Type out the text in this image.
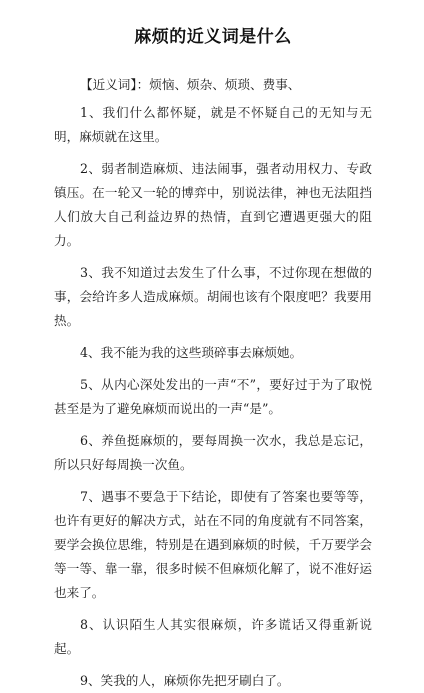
麻烦的近义词是什么

【近义词】：烦恼、烦杂、烦琐、费事、

1、我们什么都怀疑，就是不怀疑自己的无知与无明，麻烦就在这里。

2、弱者制造麻烦、违法闹事，强者动用权力、专政镇压。在一轮又一轮的博弈中，别说法律，神也无法阻挡人们放大自己利益边界的热情，直到它遭遇更强大的阻力。

3、我不知道过去发生了什么事，不过你现在想做的事，会给许多人造成麻烦。胡闹也该有个限度吧？我要用热。

4、我不能为我的这些琐碎事去麻烦她。

5、从内心深处发出的一声“不”，要好过于为了取悦甚至是为了避免麻烦而说出的一声“是”。

6、养鱼挺麻烦的，要每周换一次水，我总是忘记，所以只好每周换一次鱼。

7、遇事不要急于下结论，即使有了答案也要等等，也许有更好的解决方式，站在不同的角度就有不同答案，要学会换位思维，特别是在遇到麻烦的时候，千万要学会等一等、靠一靠，很多时候不但麻烦化解了，说不准好运也来了。

8、认识陌生人其实很麻烦，许多谎话又得重新说起。

9、笑我的人，麻烦你先把牙刷白了。
